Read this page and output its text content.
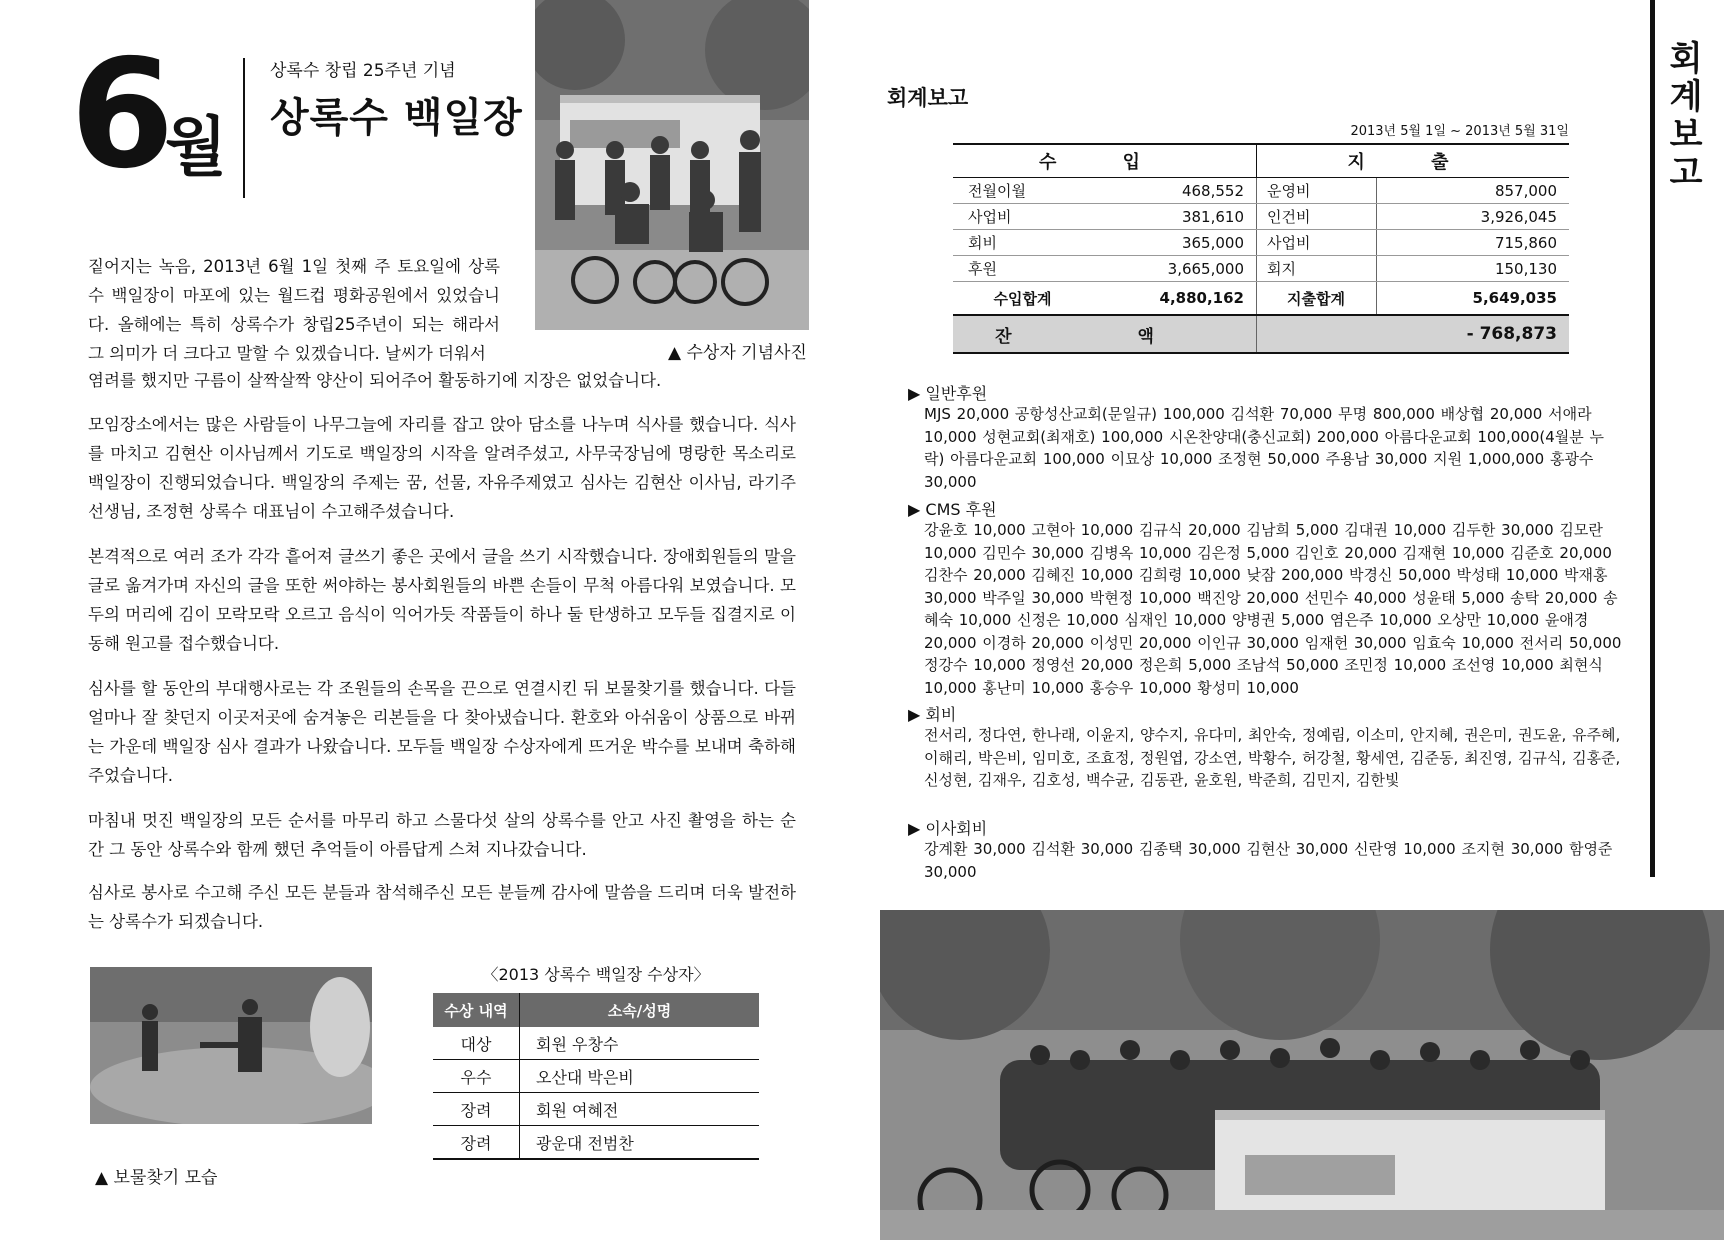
6
월
상록수 창립 25주년 기념
상록수 백일장
▲ 수상자 기념사진
짙어지는 녹음, 2013년 6월 1일 첫째 주 토요일에 상록수 백일장이 마포에 있는 월드컵 평화공원에서 있었습니다. 올해에는 특히 상록수가 창립25주년이 되는 해라서 그 의미가 더 크다고 말할 수 있겠습니다. 날씨가 더워서
염려를 했지만 구름이 살짝살짝 양산이 되어주어 활동하기에 지장은 없었습니다.
모임장소에서는 많은 사람들이 나무그늘에 자리를 잡고 앉아 담소를 나누며 식사를 했습니다. 식사를 마치고 김현산 이사님께서 기도로 백일장의 시작을 알려주셨고, 사무국장님에 명랑한 목소리로 백일장이 진행되었습니다. 백일장의 주제는 꿈, 선물, 자유주제였고 심사는 김현산 이사님, 라기주 선생님, 조정현 상록수 대표님이 수고해주셨습니다.
본격적으로 여러 조가 각각 흩어져 글쓰기 좋은 곳에서 글을 쓰기 시작했습니다. 장애회원들의 말을 글로 옮겨가며 자신의 글을 또한 써야하는 봉사회원들의 바쁜 손들이 무척 아름다워 보였습니다. 모두의 머리에 김이 모락모락 오르고 음식이 익어가듯 작품들이 하나 둘 탄생하고 모두들 집결지로 이동해 원고를 접수했습니다.
심사를 할 동안의 부대행사로는 각 조원들의 손목을 끈으로 연결시킨 뒤 보물찾기를 했습니다. 다들 얼마나 잘 찾던지 이곳저곳에 숨겨놓은 리본들을 다 찾아냈습니다. 환호와 아쉬움이 상품으로 바뀌는 가운데 백일장 심사 결과가 나왔습니다. 모두들 백일장 수상자에게 뜨거운 박수를 보내며 축하해주었습니다.
마침내 멋진 백일장의 모든 순서를 마무리 하고 스물다섯 살의 상록수를 안고 사진 촬영을 하는 순간 그 동안 상록수와 함께 했던 추억들이 아름답게 스쳐 지나갔습니다.
심사로 봉사로 수고해 주신 모든 분들과 참석해주신 모든 분들께 감사에 말씀을 드리며 더욱 발전하는 상록수가 되겠습니다.
▲ 보물찾기 모습
〈2013 상록수 백일장 수상자〉
수상 내역	소속/성명
대상	회원 우창수
우수	오산대 박은비
장려	회원 여혜전
장려	광운대 전범찬
회계보고
회계보고
2013년 5월 1일 ~ 2013년 5월 31일
수 입		지 출	
전월이월	468,552	운영비	857,000
사업비	381,610	인건비	3,926,045
회비	365,000	사업비	715,860
후원	3,665,000	회지	150,130
수입합계	4,880,162	지출합계	5,649,035
잔 액		- 768,873	
▶ 일반후원
MJS 20,000 공항성산교회(문일규) 100,000 김석환 70,000 무명 800,000 배상협 20,000 서애라 10,000 성현교회(최재호) 100,000 시온찬양대(충신교회) 200,000 아름다운교회 100,000(4월분 누락) 아름다운교회 100,000 이묘상 10,000 조정현 50,000 주용남 30,000 지원 1,000,000 홍광수 30,000
▶ CMS 후원
강윤호 10,000 고현아 10,000 김규식 20,000 김남희 5,000 김대권 10,000 김두한 30,000 김모란 10,000 김민수 30,000 김병옥 10,000 김은정 5,000 김인호 20,000 김재현 10,000 김준호 20,000 김찬수 20,000 김혜진 10,000 김희령 10,000 낮잠 200,000 박경신 50,000 박성태 10,000 박재홍 30,000 박주일 30,000 박현정 10,000 백진앙 20,000 선민수 40,000 성윤태 5,000 송탁 20,000 송혜숙 10,000 신정은 10,000 심재인 10,000 양병권 5,000 염은주 10,000 오상만 10,000 윤애경 20,000 이경하 20,000 이성민 20,000 이인규 30,000 임재헌 30,000 임효숙 10,000 전서리 50,000 정강수 10,000 정영선 20,000 정은희 5,000 조남석 50,000 조민정 10,000 조선영 10,000 최현식 10,000 홍난미 10,000 홍승우 10,000 황성미 10,000
▶ 회비
전서리, 정다연, 한나래, 이윤지, 양수지, 유다미, 최안숙, 정예림, 이소미, 안지혜, 권은미, 권도윤, 유주혜, 이해리, 박은비, 임미호, 조효정, 정원엽, 강소연, 박황수, 허강철, 황세연, 김준동, 최진영, 김규식, 김홍준, 신성현, 김재우, 김호성, 백수균, 김동관, 윤호원, 박준희, 김민지, 김한빛
▶ 이사회비
강계환 30,000 김석환 30,000 김종택 30,000 김현산 30,000 신란영 10,000 조지현 30,000 함영준 30,000
